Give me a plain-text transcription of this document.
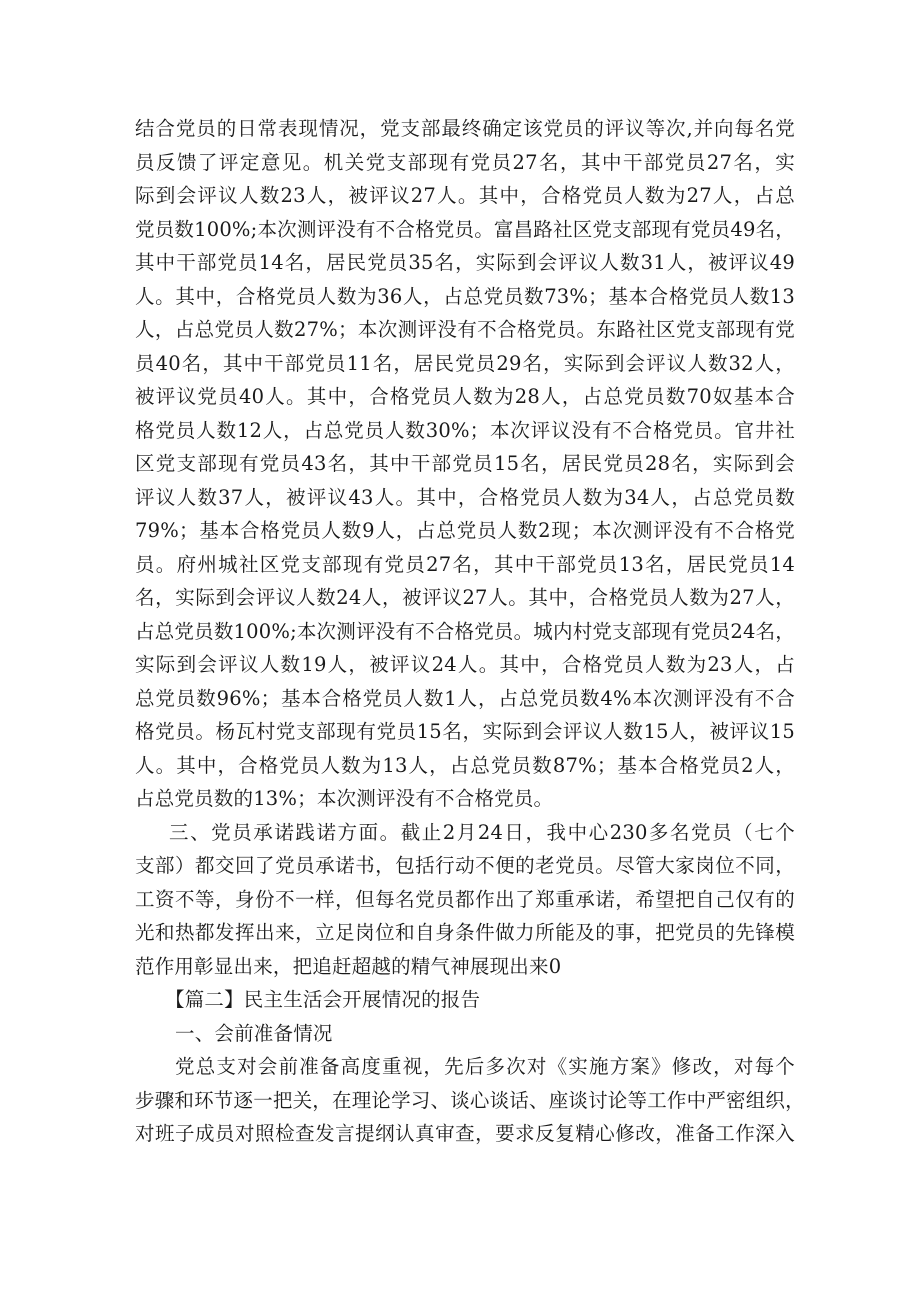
结合党员的日常表现情况，党支部最终确定该党员的评议等次,并向每名党
员反馈了评定意见。机关党支部现有党员27名，其中干部党员27名，实
际到会评议人数23人，被评议27人。其中，合格党员人数为27人，占总
党员数100%;本次测评没有不合格党员。富昌路社区党支部现有党员49名，
其中干部党员14名，居民党员35名，实际到会评议人数31人，被评议49
人。其中，合格党员人数为36人，占总党员数73%；基本合格党员人数13
人，占总党员人数27%；本次测评没有不合格党员。东路社区党支部现有党
员40名，其中干部党员11名，居民党员29名，实际到会评议人数32人，
被评议党员40人。其中，合格党员人数为28人，占总党员数70奴基本合
格党员人数12人，占总党员人数30%；本次评议没有不合格党员。官井社
区党支部现有党员43名，其中干部党员15名，居民党员28名，实际到会
评议人数37人，被评议43人。其中，合格党员人数为34人，占总党员数
79%；基本合格党员人数9人，占总党员人数2现；本次测评没有不合格党
员。府州城社区党支部现有党员27名，其中干部党员13名，居民党员14
名，实际到会评议人数24人，被评议27人。其中，合格党员人数为27人，
占总党员数100%;本次测评没有不合格党员。城内村党支部现有党员24名，
实际到会评议人数19人，被评议24人。其中，合格党员人数为23人，占
总党员数96%；基本合格党员人数1人，占总党员数4%本次测评没有不合
格党员。杨瓦村党支部现有党员15名，实际到会评议人数15人，被评议15
人。其中，合格党员人数为13人，占总党员数87%；基本合格党员2人，
占总党员数的13%；本次测评没有不合格党员。
三、党员承诺践诺方面。截止2月24日，我中心230多名党员（七个
支部）都交回了党员承诺书，包括行动不便的老党员。尽管大家岗位不同，
工资不等，身份不一样，但每名党员都作出了郑重承诺，希望把自己仅有的
光和热都发挥出来，立足岗位和自身条件做力所能及的事，把党员的先锋模
范作用彰显出来，把追赶超越的精气神展现出来0
【篇二】民主生活会开展情况的报告
一、会前准备情况
党总支对会前准备高度重视，先后多次对《实施方案》修改，对每个
步骤和环节逐一把关，在理论学习、谈心谈话、座谈讨论等工作中严密组织，
对班子成员对照检查发言提纲认真审查，要求反复精心修改，准备工作深入
